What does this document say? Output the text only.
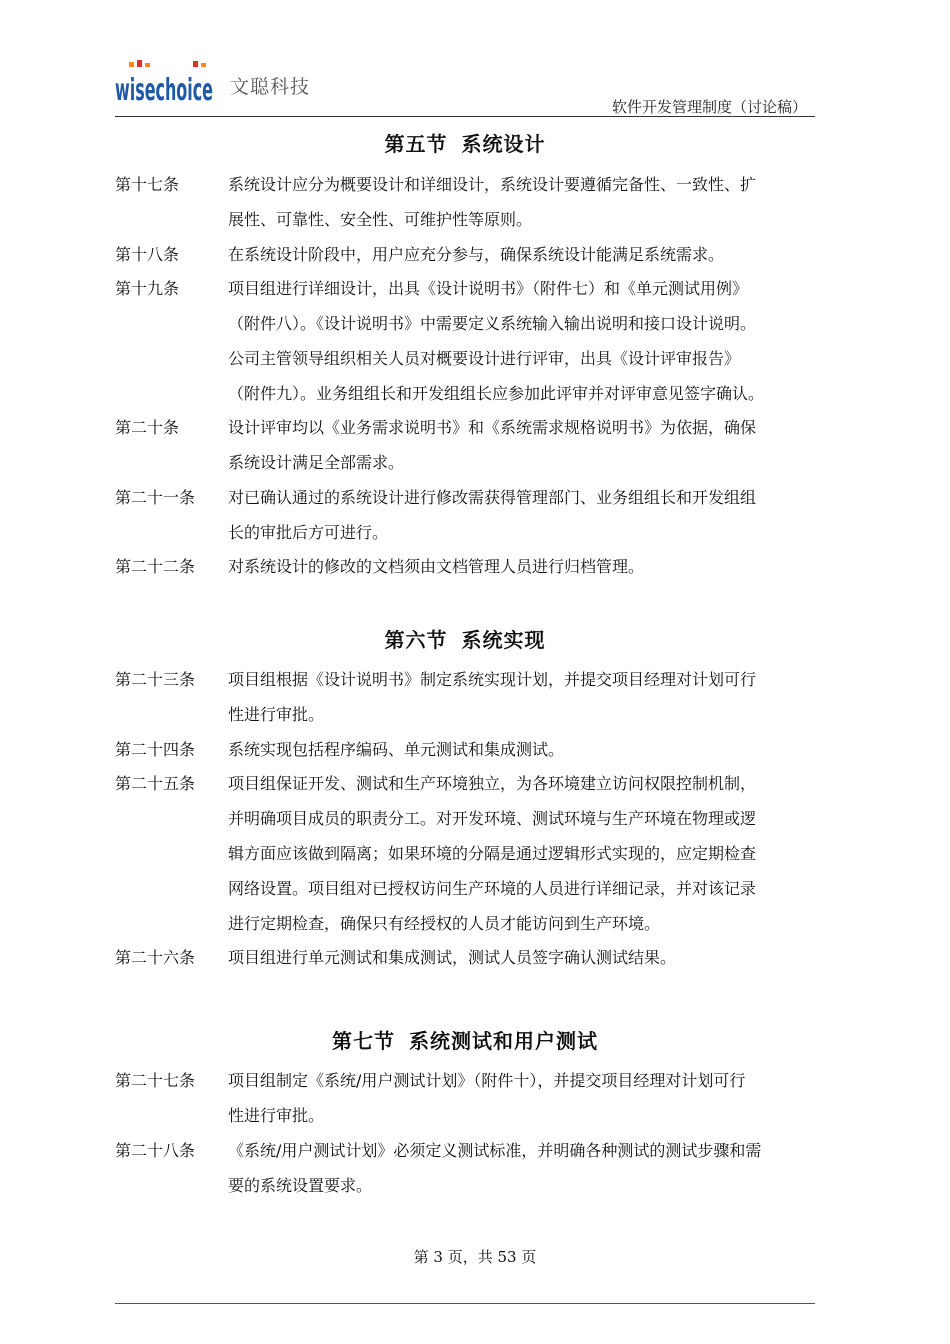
wisechoice 文聪科技
软件开发管理制度（讨论稿）
第五节 系统设计
第十七条	系统设计应分为概要设计和详细设计，系统设计要遵循完备性、一致性、扩
展性、可靠性、安全性、可维护性等原则。
第十八条	在系统设计阶段中，用户应充分参与，确保系统设计能满足系统需求。
第十九条	项目组进行详细设计，出具《设计说明书》（附件七）和《单元测试用例》
（附件八）。《设计说明书》中需要定义系统输入输出说明和接口设计说明。
公司主管领导组织相关人员对概要设计进行评审，出具《设计评审报告》
（附件九）。业务组组长和开发组组长应参加此评审并对评审意见签字确认。
第二十条	设计评审均以《业务需求说明书》和《系统需求规格说明书》为依据，确保
系统设计满足全部需求。
第二十一条 对已确认通过的系统设计进行修改需获得管理部门、业务组组长和开发组组
长的审批后方可进行。
第二十二条 对系统设计的修改的文档须由文档管理人员进行归档管理。
第六节 系统实现
第二十三条 项目组根据《设计说明书》制定系统实现计划，并提交项目经理对计划可行
性进行审批。
第二十四条 系统实现包括程序编码、单元测试和集成测试。
第二十五条 项目组保证开发、测试和生产环境独立，为各环境建立访问权限控制机制，
并明确项目成员的职责分工。对开发环境、测试环境与生产环境在物理或逻
辑方面应该做到隔离；如果环境的分隔是通过逻辑形式实现的，应定期检查
网络设置。项目组对已授权访问生产环境的人员进行详细记录，并对该记录
进行定期检查，确保只有经授权的人员才能访问到生产环境。
第二十六条 项目组进行单元测试和集成测试，测试人员签字确认测试结果。
第七节 系统测试和用户测试
第二十七条 项目组制定《系统/用户测试计划》（附件十），并提交项目经理对计划可行
性进行审批。
第二十八条 《系统/用户测试计划》必须定义测试标准，并明确各种测试的测试步骤和需
要的系统设置要求。
第 3 页，共 53 页
